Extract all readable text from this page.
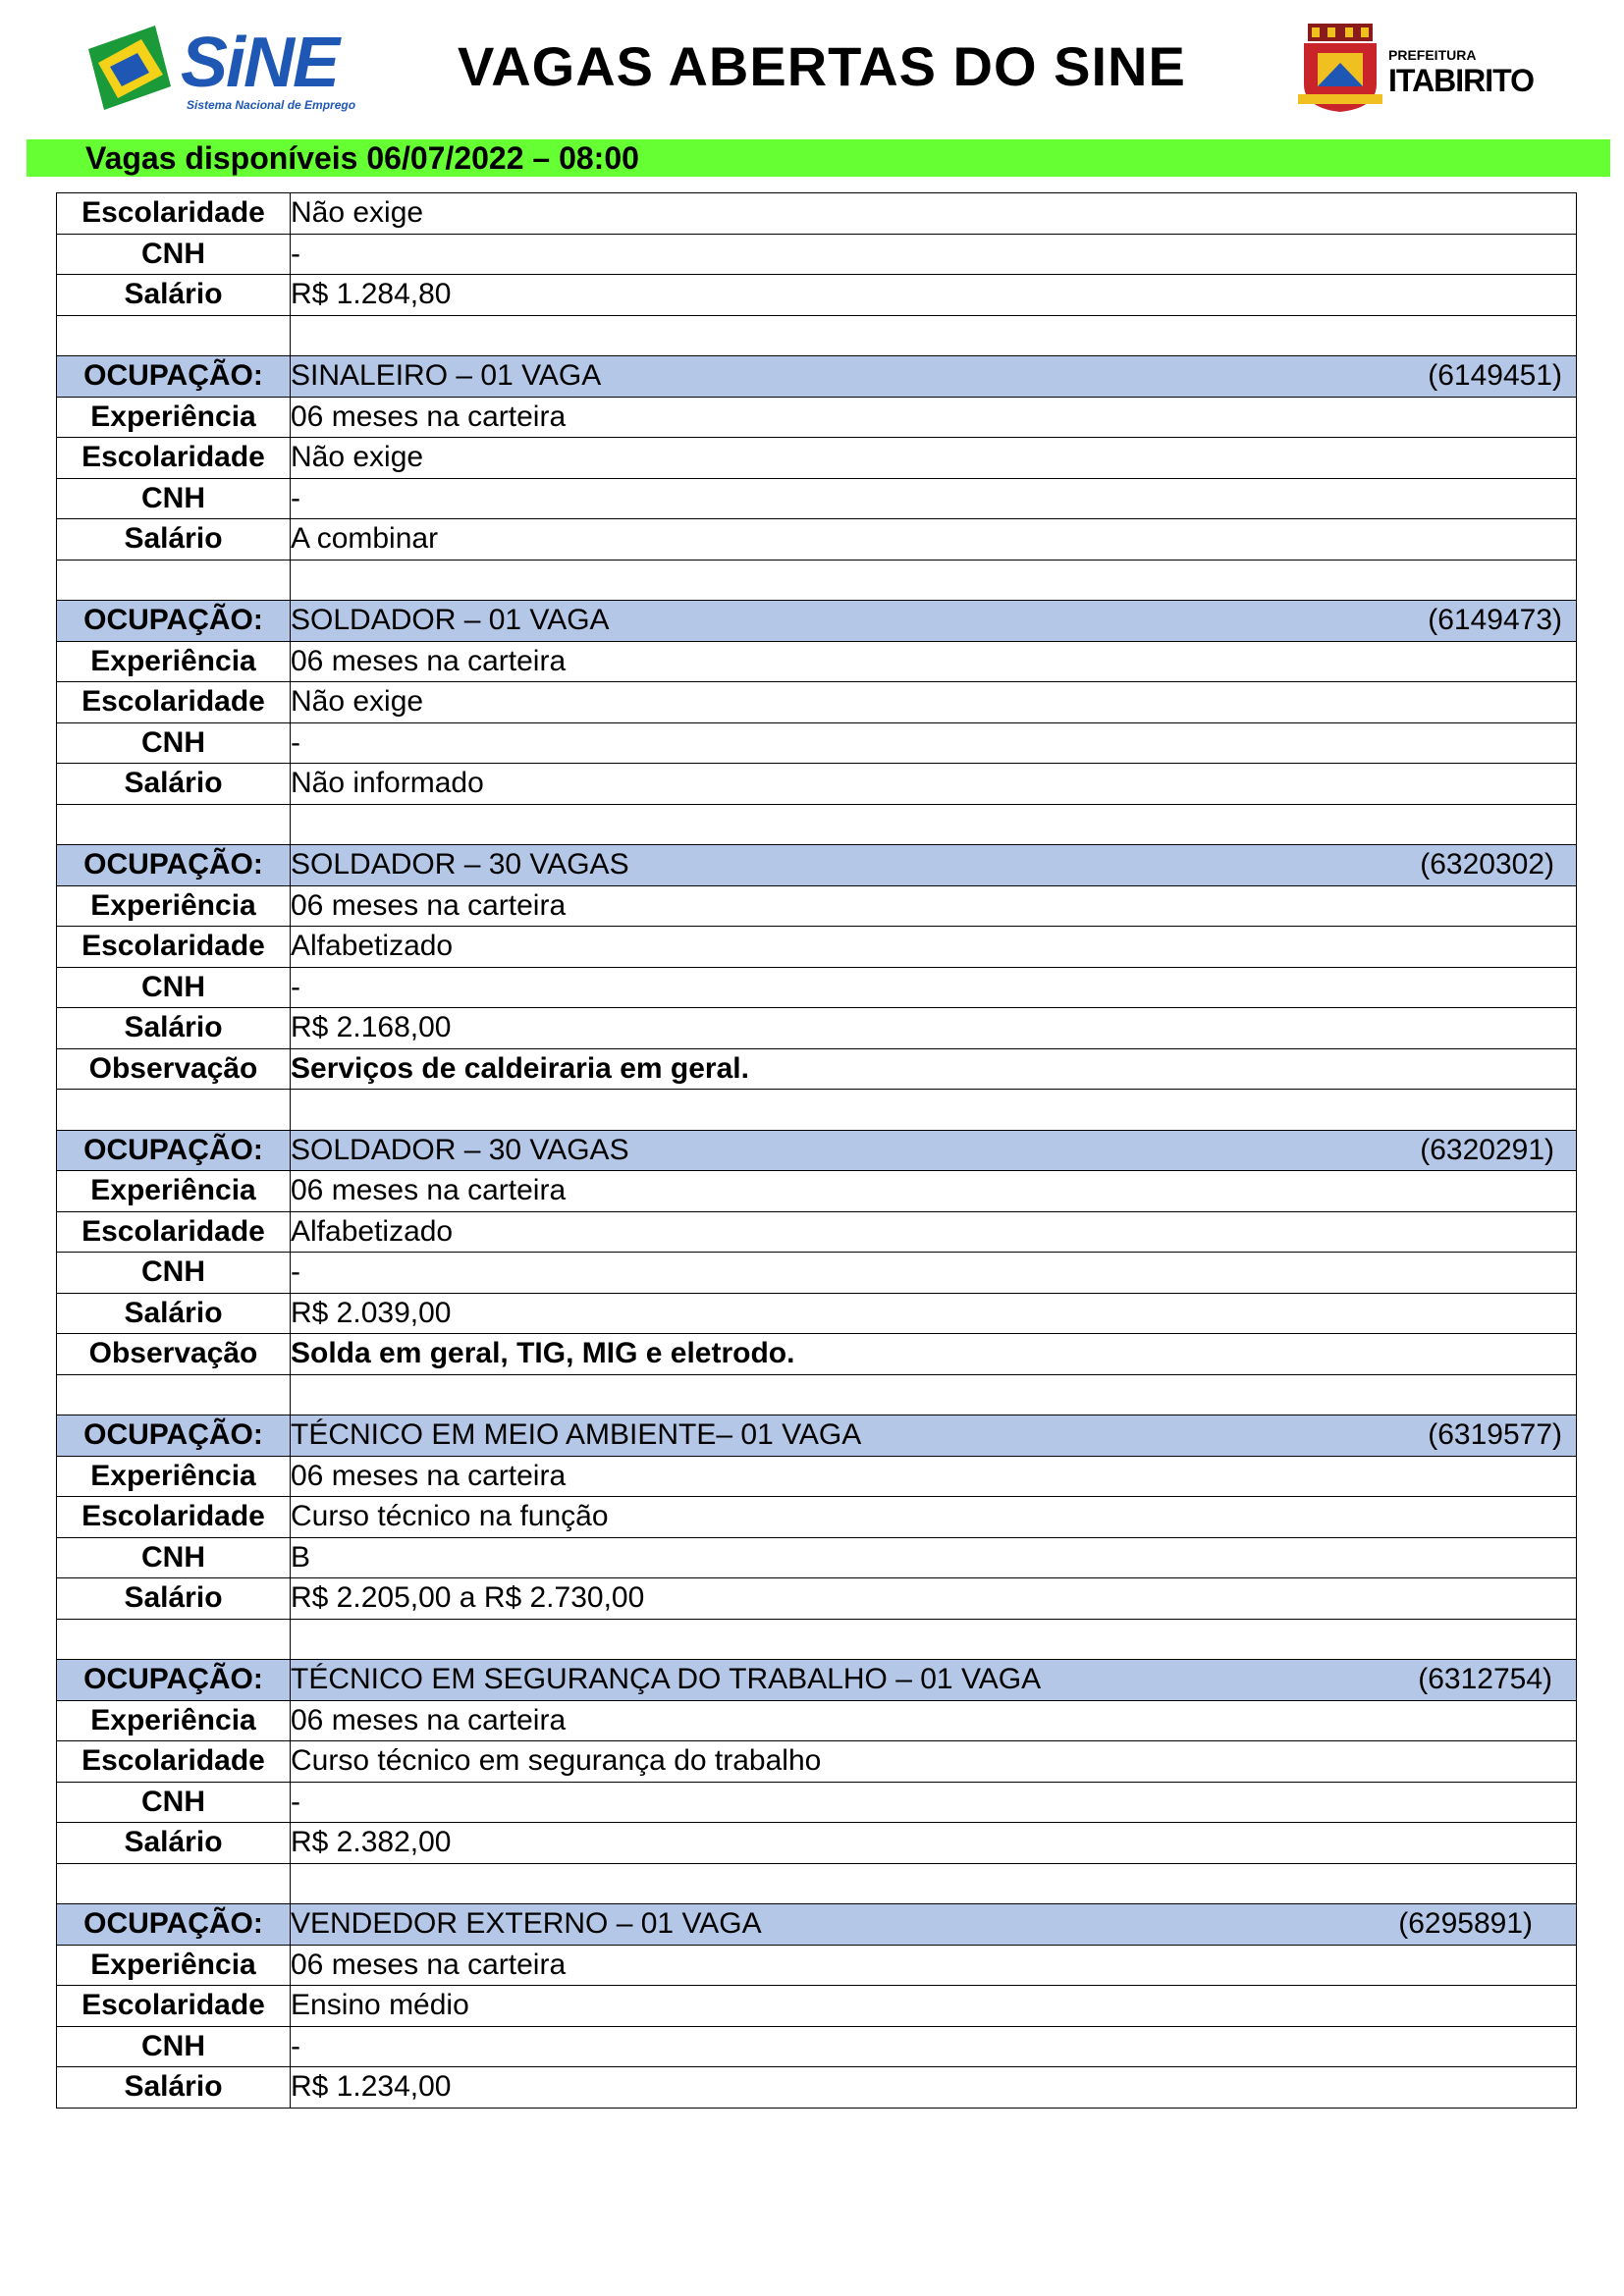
SiNE
Sistema Nacional de Emprego
VAGAS ABERTAS DO SINE	PREFEITURA
ITABIRITO
Vagas disponíveis 06/07/2022 – 08:00
Escolaridade	Não exige
CNH	-
Salário	R$ 1.284,80

OCUPAÇÃO:	SINALEIRO – 01 VAGA (6149451)

Experiência	06 meses na carteira
Escolaridade	Não exige
CNH	-
Salário	A combinar

OCUPAÇÃO:	SOLDADOR – 01 VAGA (6149473)

Experiência	06 meses na carteira
Escolaridade	Não exige
CNH	-
Salário	Não informado

OCUPAÇÃO:	SOLDADOR – 30 VAGAS (6320302)

Experiência	06 meses na carteira
Escolaridade	Alfabetizado
CNH	-
Salário	R$ 2.168,00
Observação	Serviços de caldeiraria em geral.

OCUPAÇÃO:	SOLDADOR – 30 VAGAS (6320291)

Experiência	06 meses na carteira
Escolaridade	Alfabetizado
CNH	-
Salário	R$ 2.039,00
Observação	Solda em geral, TIG, MIG e eletrodo.

OCUPAÇÃO:	TÉCNICO EM MEIO AMBIENTE– 01 VAGA (6319577)

Experiência	06 meses na carteira
Escolaridade	Curso técnico na função
CNH	B
Salário	R$ 2.205,00 a R$ 2.730,00

OCUPAÇÃO:	TÉCNICO EM SEGURANÇA DO TRABALHO – 01 VAGA (6312754)

Experiência	06 meses na carteira
Escolaridade	Curso técnico em segurança do trabalho
CNH	-
Salário	R$ 2.382,00

OCUPAÇÃO:	VENDEDOR EXTERNO – 01 VAGA (6295891)

Experiência	06 meses na carteira
Escolaridade	Ensino médio
CNH	-
Salário	R$ 1.234,00
